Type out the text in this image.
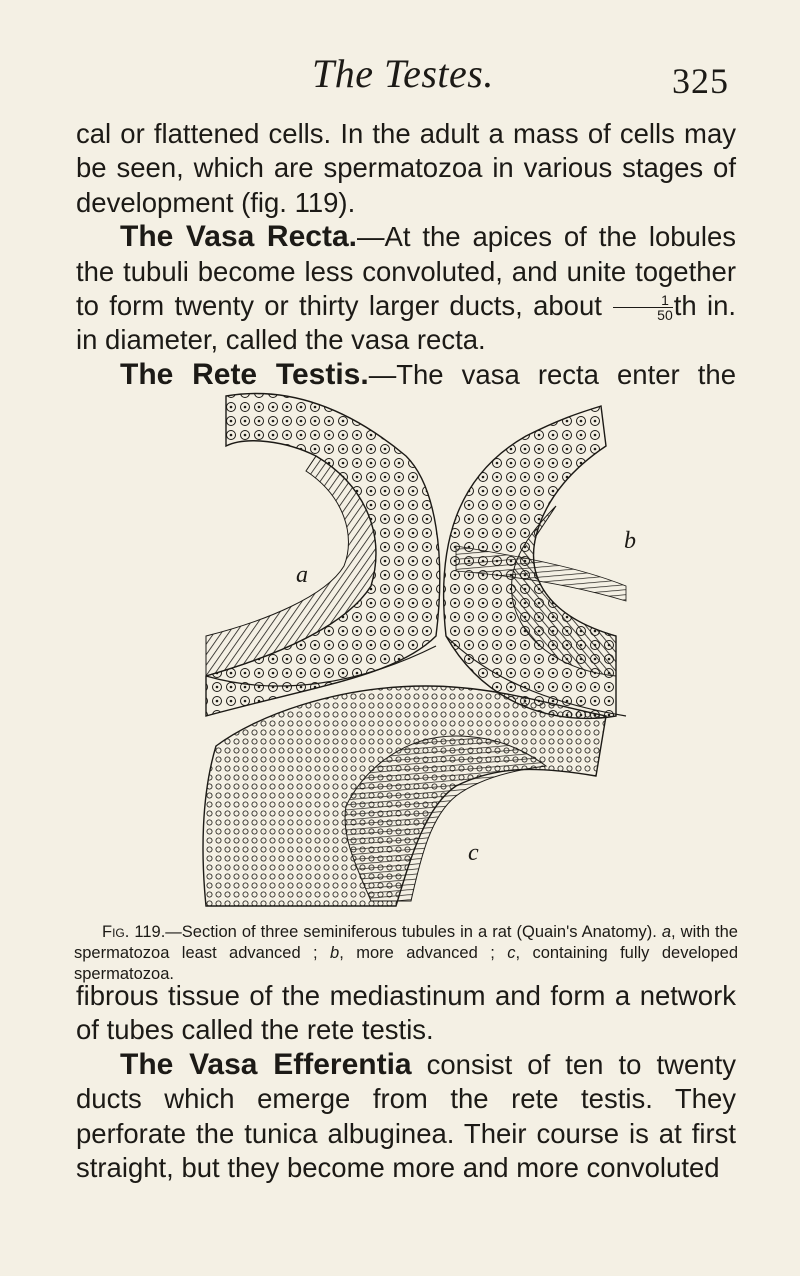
The Testes.	325

cal or flattened cells. In the adult a mass of cells may be seen, which are spermatozoa in various stages of development (fig. 119).

The Vasa Recta.—At the apices of the lobules the tubuli become less convoluted, and unite together to form twenty or thirty larger ducts, about $\frac{1}{50}$ th in. in diameter, called the vasa recta.

The Rete Testis.—The vasa recta enter the

a
b
c

Fig. 119.—Section of three seminiferous tubules in a rat (Quain's Anatomy). a, with the spermatozoa least advanced ; b, more advanced ; c, containing fully developed spermatozoa.

fibrous tissue of the mediastinum and form a network of tubes called the rete testis.

The Vasa Efferentia consist of ten to twenty ducts which emerge from the rete testis. They perforate the tunica albuginea. Their course is at first straight, but they become more and more convoluted
